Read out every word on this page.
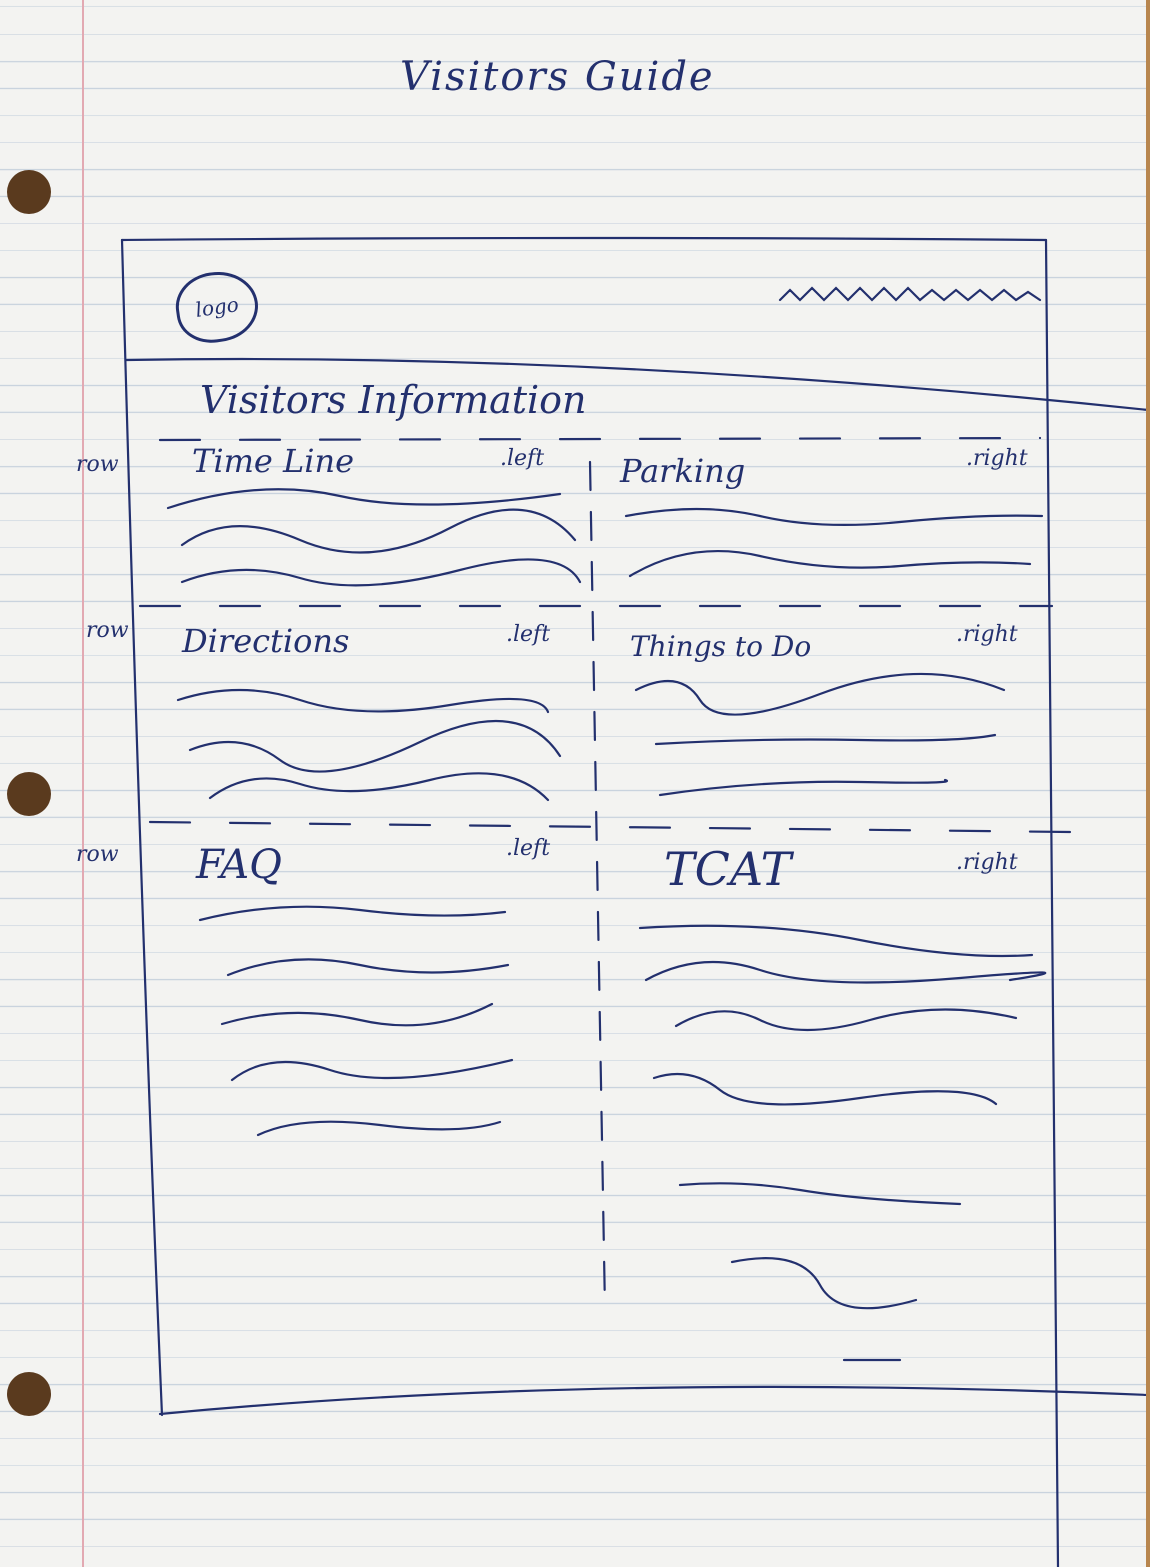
Visitors Guide
logo
Visitors Information
row
row
row
Time Line	.left Parking	.right
Directions	.left	Things to Do	.right
FAQ	.left TCAT	.right
